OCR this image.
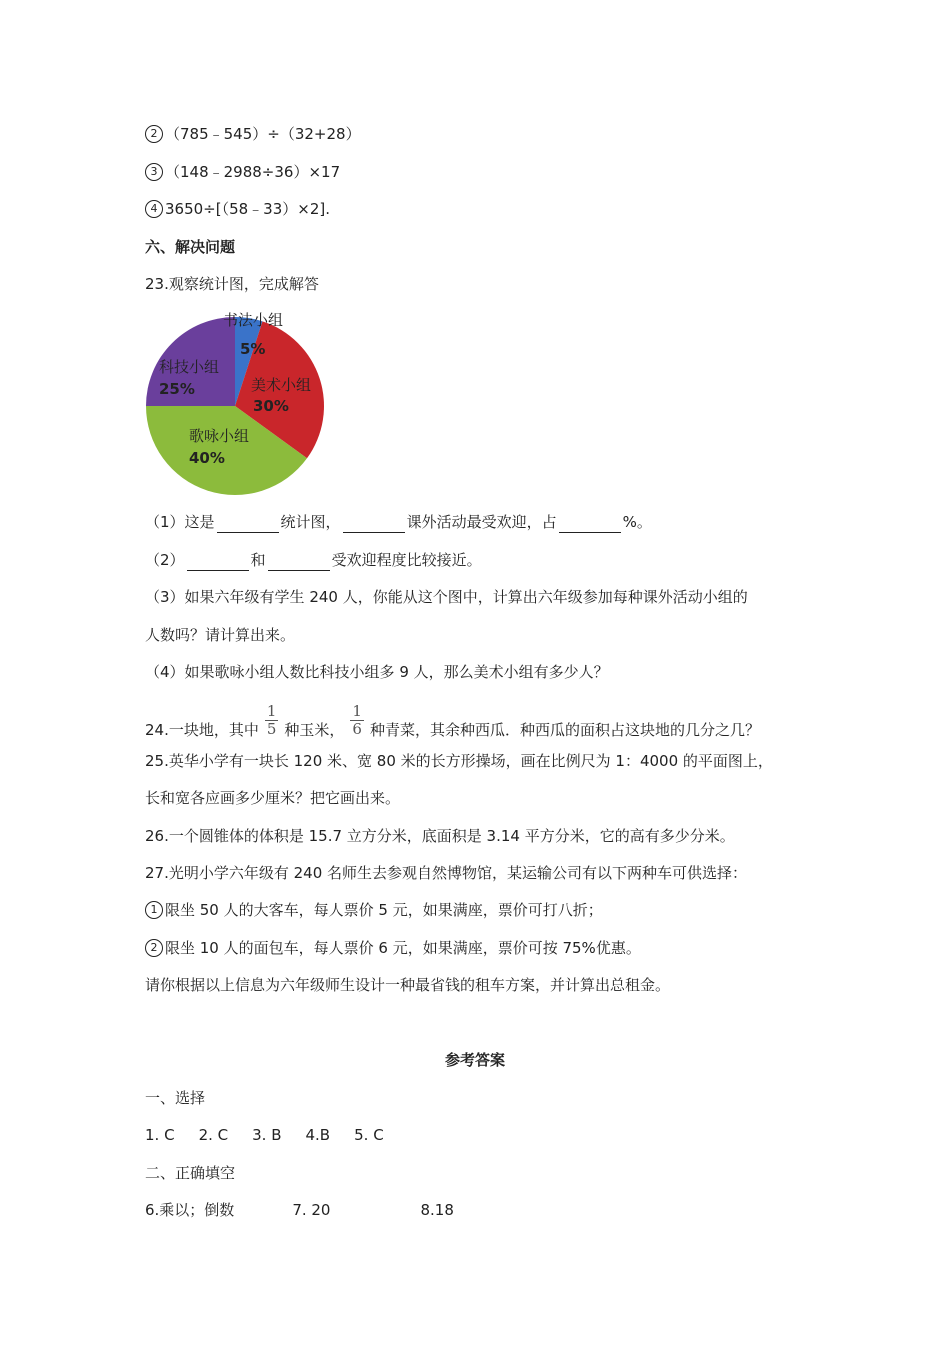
2 （785﹣545）÷（32+28）
3 （148﹣2988÷36）×17
4 3650÷[（58﹣33）×2].
六、解决问题
23.观察统计图，完成解答
书法小组
5%
美术小组
30%
歌咏小组
40%
科技小组
25%
（1）这是	统计图，	课外活动最受欢迎，占	%。
（2）	和	受欢迎程度比较接近。
（3）如果六年级有学生 240 人，你能从这个图中，计算出六年级参加每种课外活动小组的
人数吗？请计算出来。
（4）如果歌咏小组人数比科技小组多 9 人，那么美术小组有多少人？
24.一块地，其中 $\frac{1}{5}$ 种玉米， $\frac{1}{6}$ 种青菜，其余种西瓜．种西瓜的面积占这块地的几分之几？
25.英华小学有一块长 120 米、宽 80 米的长方形操场，画在比例尺为 1：4000 的平面图上，
长和宽各应画多少厘米？把它画出来。
26.一个圆锥体的体积是 15.7 立方分米，底面积是 3.14 平方分米，它的高有多少分米。
27.光明小学六年级有 240 名师生去参观自然博物馆，某运输公司有以下两种车可供选择：
1 限坐 50 人的大客车，每人票价 5 元，如果满座，票价可打八折；
2 限坐 10 人的面包车，每人票价 6 元，如果满座，票价可按 75%优惠。
请你根据以上信息为六年级师生设计一种最省钱的租车方案，并计算出总租金。
参考答案
一、选择
1. C 2. C 3. B 4.B 5. C
二、正确填空
6.乘以；倒数	7. 20	8.18
